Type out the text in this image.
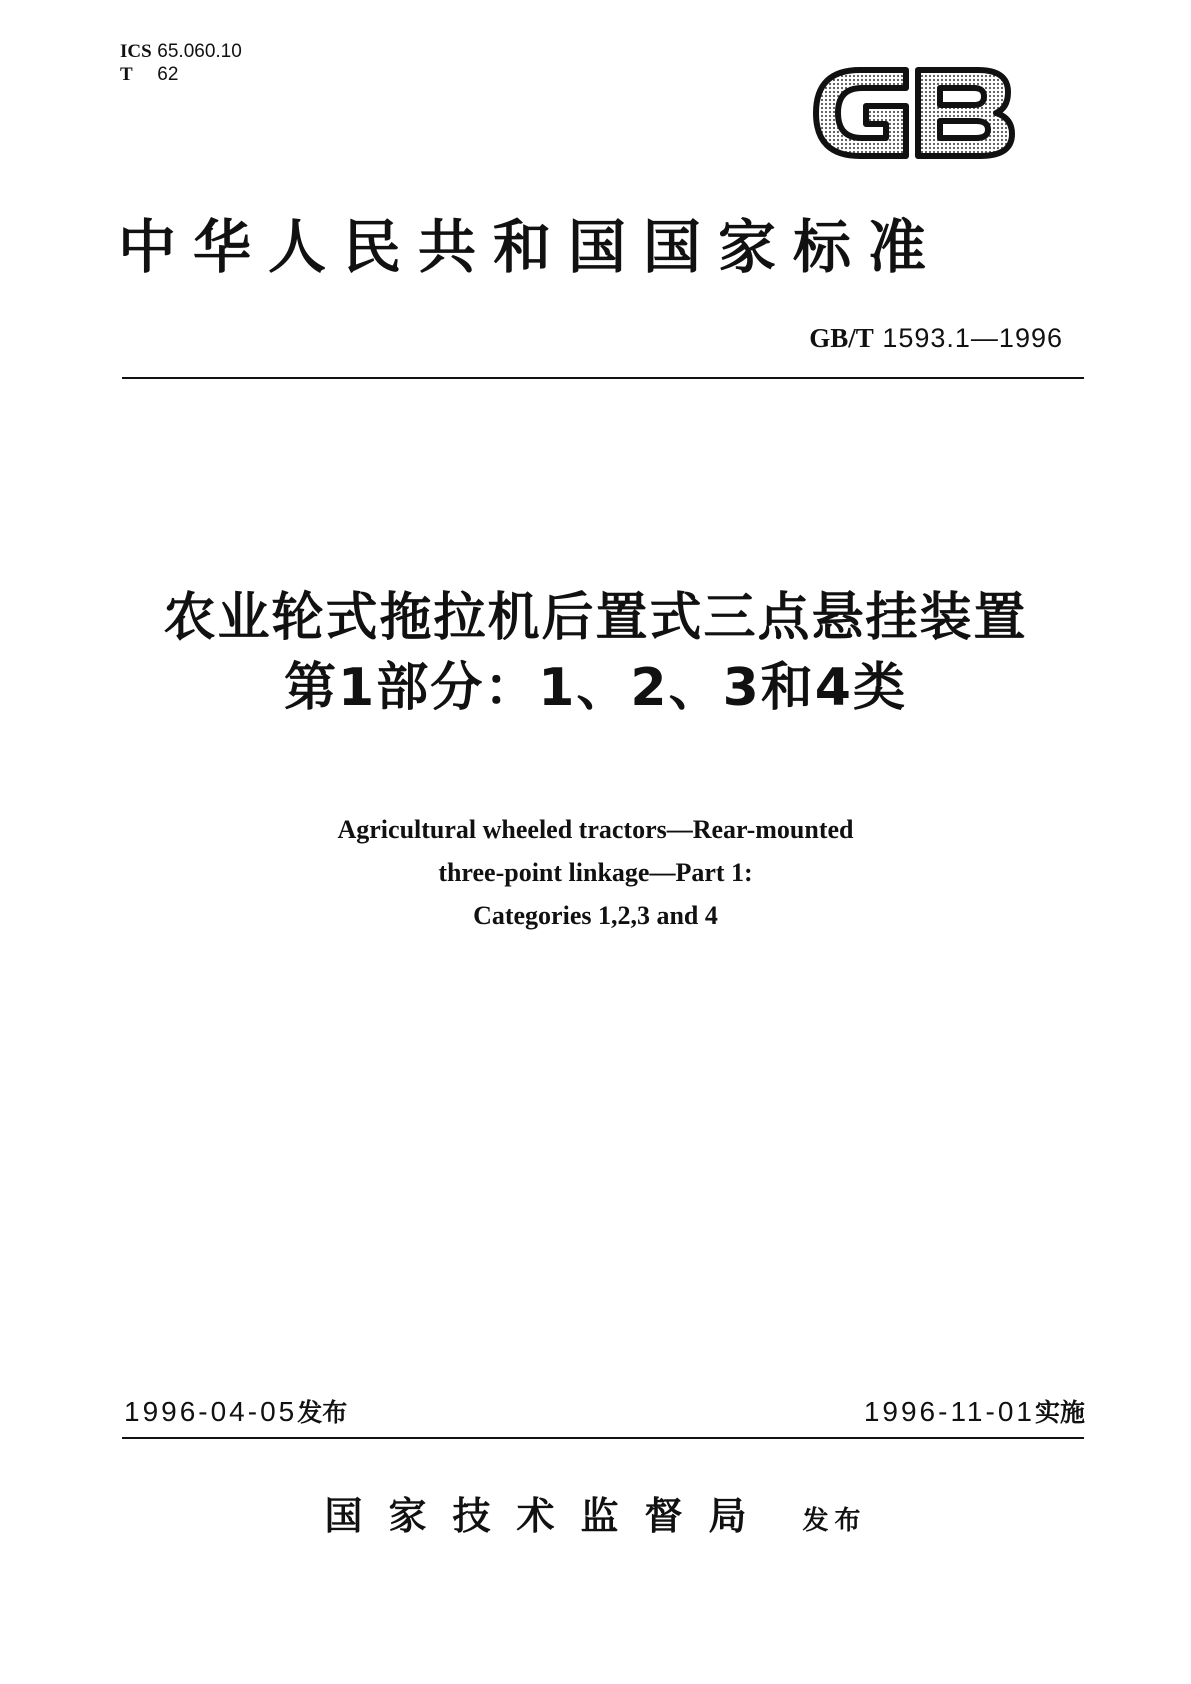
ICS 65.060.10
T 62
中华人民共和国国家标准
GB/T 1593.1—1996
农业轮式拖拉机后置式三点悬挂装置
第1部分：1、2、3和4类
Agricultural wheeled tractors—Rear-mounted
three-point linkage—Part 1:
Categories 1,2,3 and 4
1996-04-05发布	1996-11-01实施
国家技术监督局 发布
